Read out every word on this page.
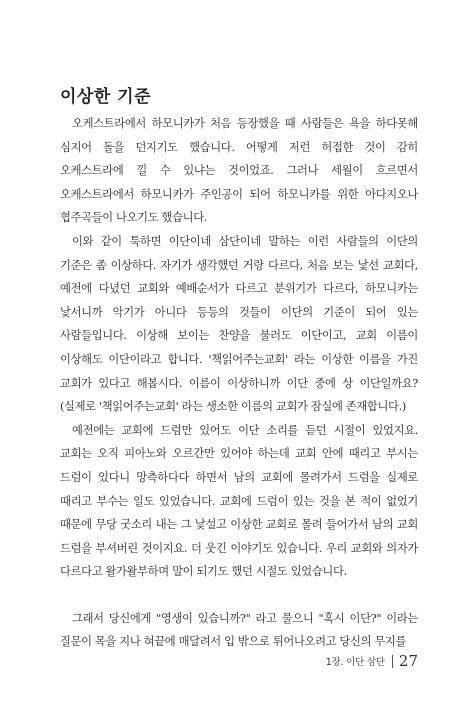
이상한 기준

오케스트라에서 하모니카가 처음 등장했을 때 사람들은 욕을 하다못해 심지어 돌을 던지기도 했습니다. 어떻게 저런 허접한 것이 감히 오케스트라에 낄 수 있냐는 것이었죠. 그러나 세월이 흐르면서 오케스트라에서 하모니카가 주인공이 되어 하모니카를 위한 아다지오나 협주곡들이 나오기도 했습니다.

이와 같이 툭하면 이단이네 삼단이네 말하는 이런 사람들의 이단의 기준은 좀 이상하다. 자기가 생각했던 거랑 다르다, 처음 보는 낯선 교회다, 예전에 다녔던 교회와 예배순서가 다르고 분위기가 다르다, 하모니카는 낯서니까 악기가 아니다 등등의 것들이 이단의 기준이 되어 있는 사람들입니다. 이상해 보이는 찬양을 불러도 이단이고, 교회 이름이 이상해도 이단이라고 합니다. '책읽어주는교회' 라는 이상한 이름을 가진 교회가 있다고 해봅시다. 이름이 이상하니까 이단 중에 상 이단일까요? (실제로 '책읽어주는교회' 라는 생소한 이름의 교회가 잠실에 존재합니다.)

예전에는 교회에 드럼만 있어도 이단 소리를 듣던 시절이 있었지요. 교회는 오직 피아노와 오르간만 있어야 하는데 교회 안에 때리고 부시는 드럼이 있다니 망측하다다 하면서 남의 교회에 몰려가서 드럼을 실제로 때리고 부수는 일도 있었습니다. 교회에 드럼이 있는 것을 본 적이 없었기 때문에 무당 굿소리 내는 그 낯설고 이상한 교회로 몰려 들어가서 남의 교회 드럼을 부셔버린 것이지요. 더 웃긴 이야기도 있습니다. 우리 교회와 의자가 다르다고 왈가왈부하며 말이 되기도 했던 시절도 있었습니다.

그래서 당신에게 "영생이 있습니까?" 라고 물으니 "혹시 이단?" 이라는 질문이 목을 지나 혀끝에 매달려서 입 밖으로 튀어나오려고 당신의 무지를

1장. 이단 삼단 27
